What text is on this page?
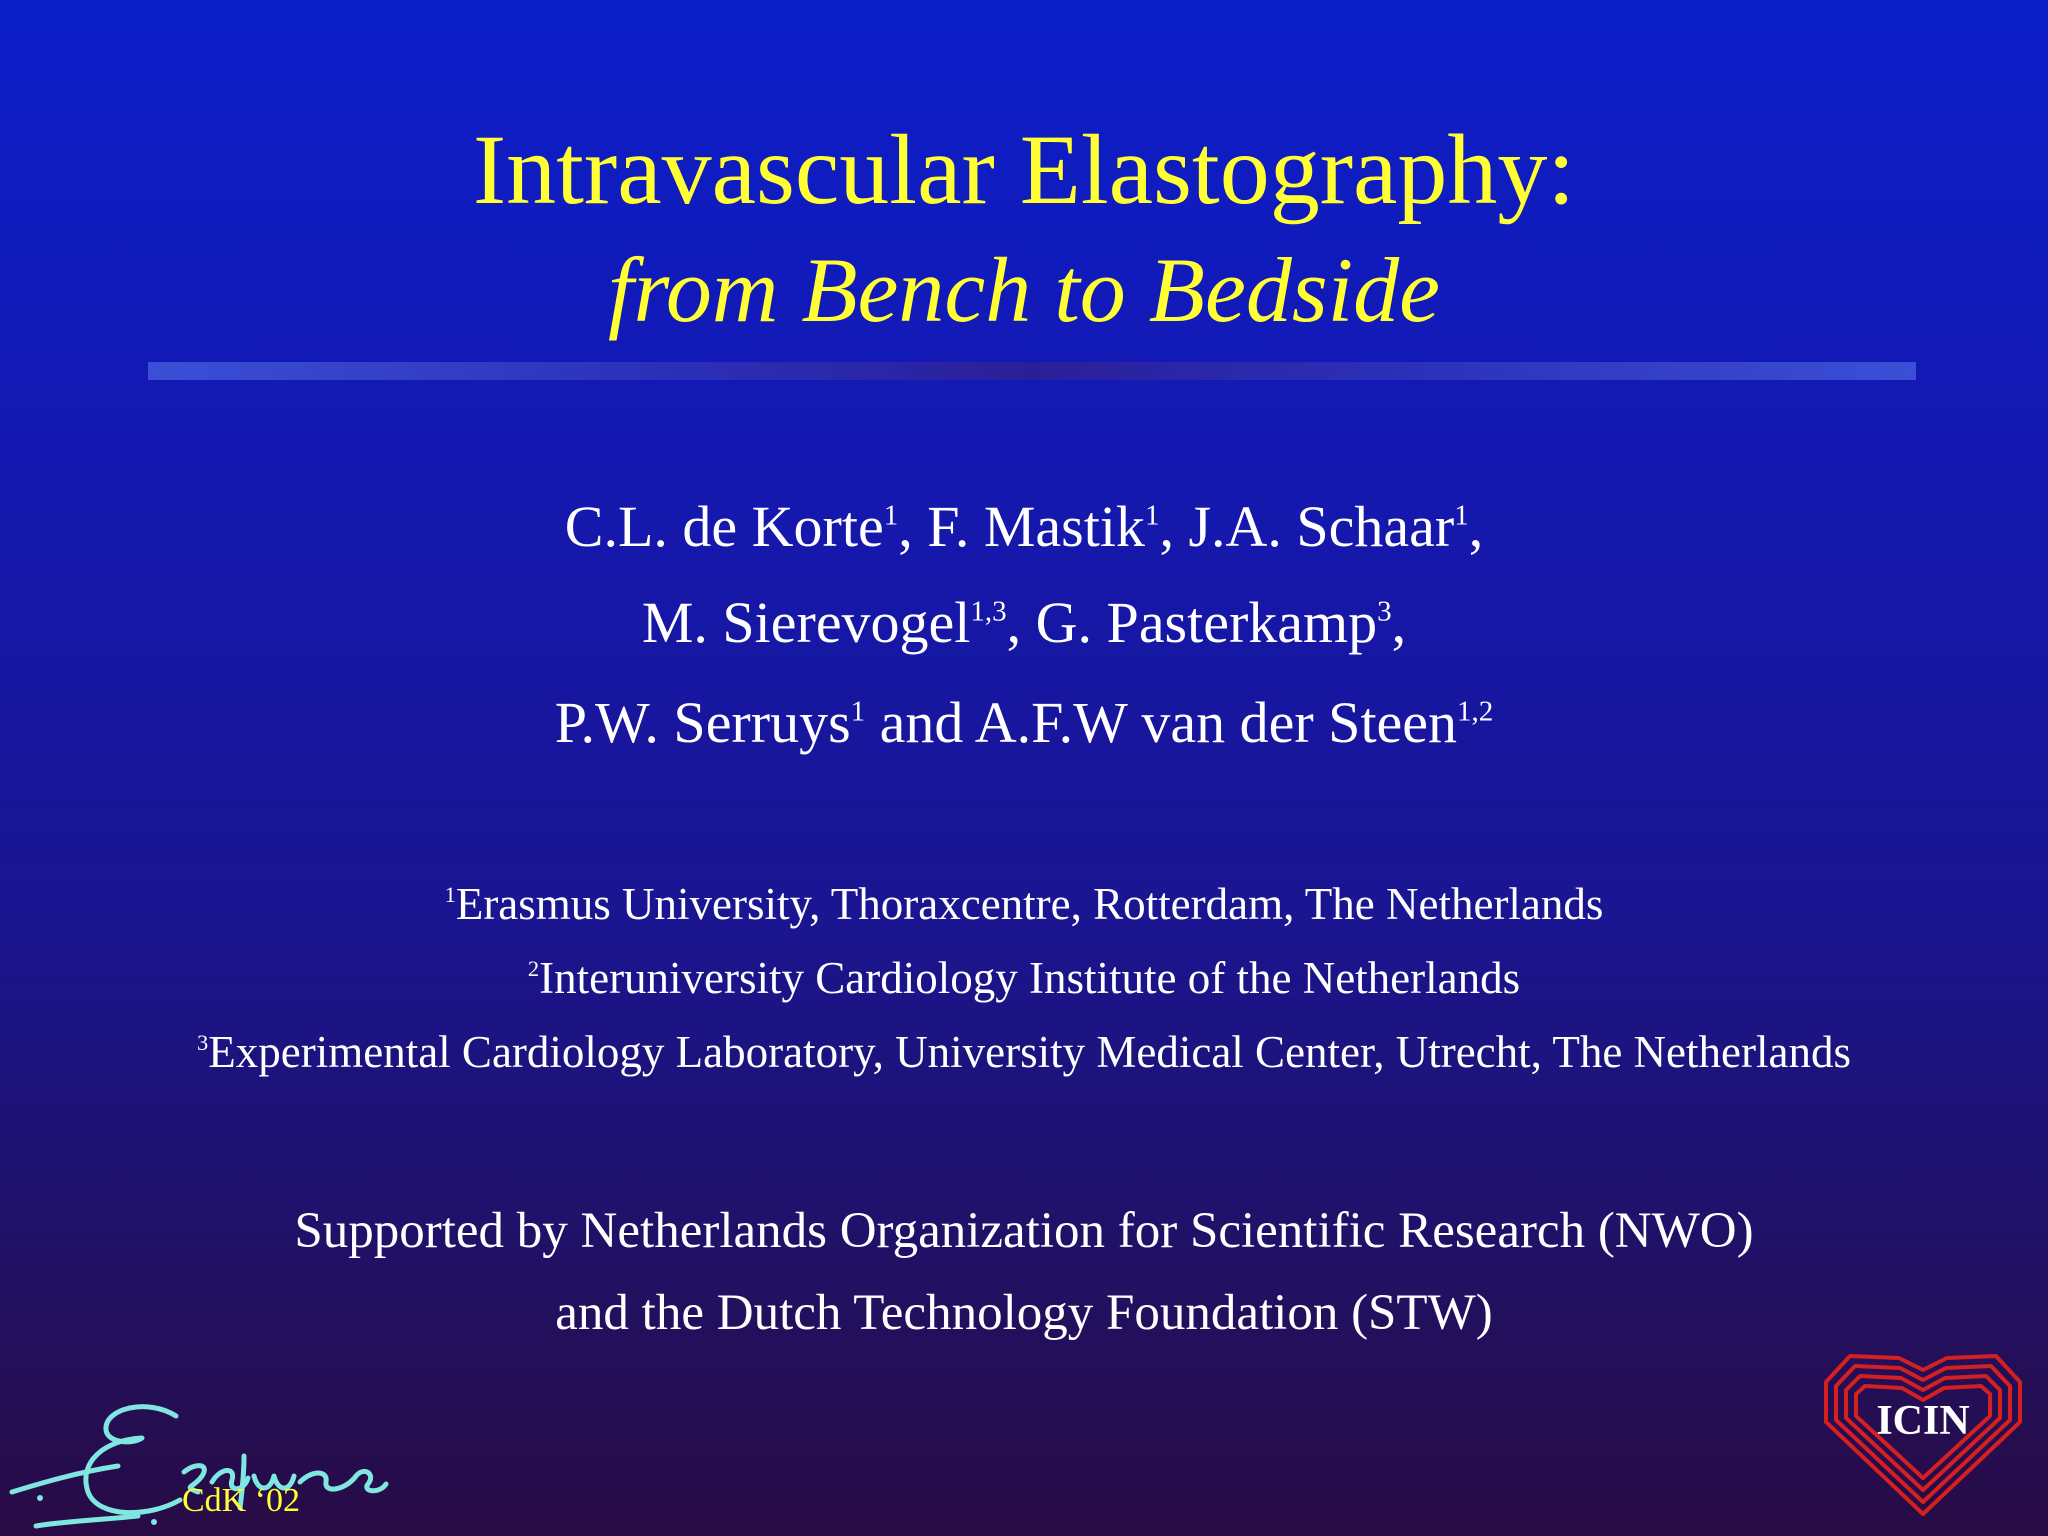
Intravascular Elastography:
from Bench to Bedside
C.L. de Korte$^1$, F. Mastik$^1$, J.A. Schaar$^1$,
M. Sierevogel$^{1,3}$, G. Pasterkamp$^3$,
P.W. Serruys$^1$ and A.F.W van der Steen$^{1,2}$
$^1$Erasmus University, Thoraxcentre, Rotterdam, The Netherlands
$^2$Interuniversity Cardiology Institute of the Netherlands
$^3$Experimental Cardiology Laboratory, University Medical Center, Utrecht, The Netherlands
Supported by Netherlands Organization for Scientific Research (NWO)
and the Dutch Technology Foundation (STW)
CdK ‘02
ICIN
